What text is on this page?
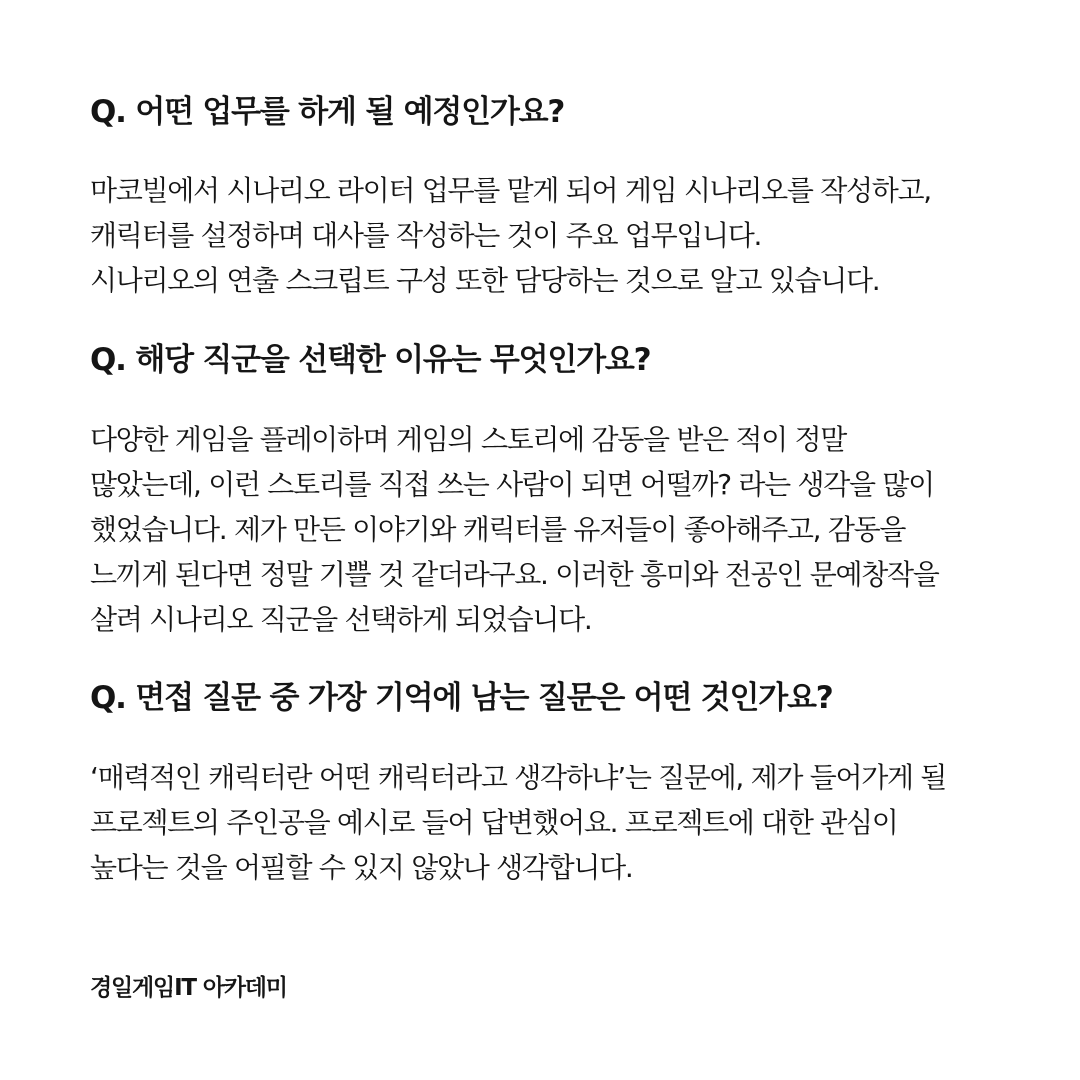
Q. 어떤 업무를 하게 될 예정인가요?

마코빌에서 시나리오 라이터 업무를 맡게 되어 게임 시나리오를 작성하고,
캐릭터를 설정하며 대사를 작성하는 것이 주요 업무입니다.
시나리오의 연출 스크립트 구성 또한 담당하는 것으로 알고 있습니다.

Q. 해당 직군을 선택한 이유는 무엇인가요?

다양한 게임을 플레이하며 게임의 스토리에 감동을 받은 적이 정말
많았는데, 이런 스토리를 직접 쓰는 사람이 되면 어떨까? 라는 생각을 많이
했었습니다. 제가 만든 이야기와 캐릭터를 유저들이 좋아해주고, 감동을
느끼게 된다면 정말 기쁠 것 같더라구요. 이러한 흥미와 전공인 문예창작을
살려 시나리오 직군을 선택하게 되었습니다.

Q. 면접 질문 중 가장 기억에 남는 질문은 어떤 것인가요?

‘매력적인 캐릭터란 어떤 캐릭터라고 생각하냐’는 질문에, 제가 들어가게 될
프로젝트의 주인공을 예시로 들어 답변했어요. 프로젝트에 대한 관심이
높다는 것을 어필할 수 있지 않았나 생각합니다.

경일게임IT 아카데미
